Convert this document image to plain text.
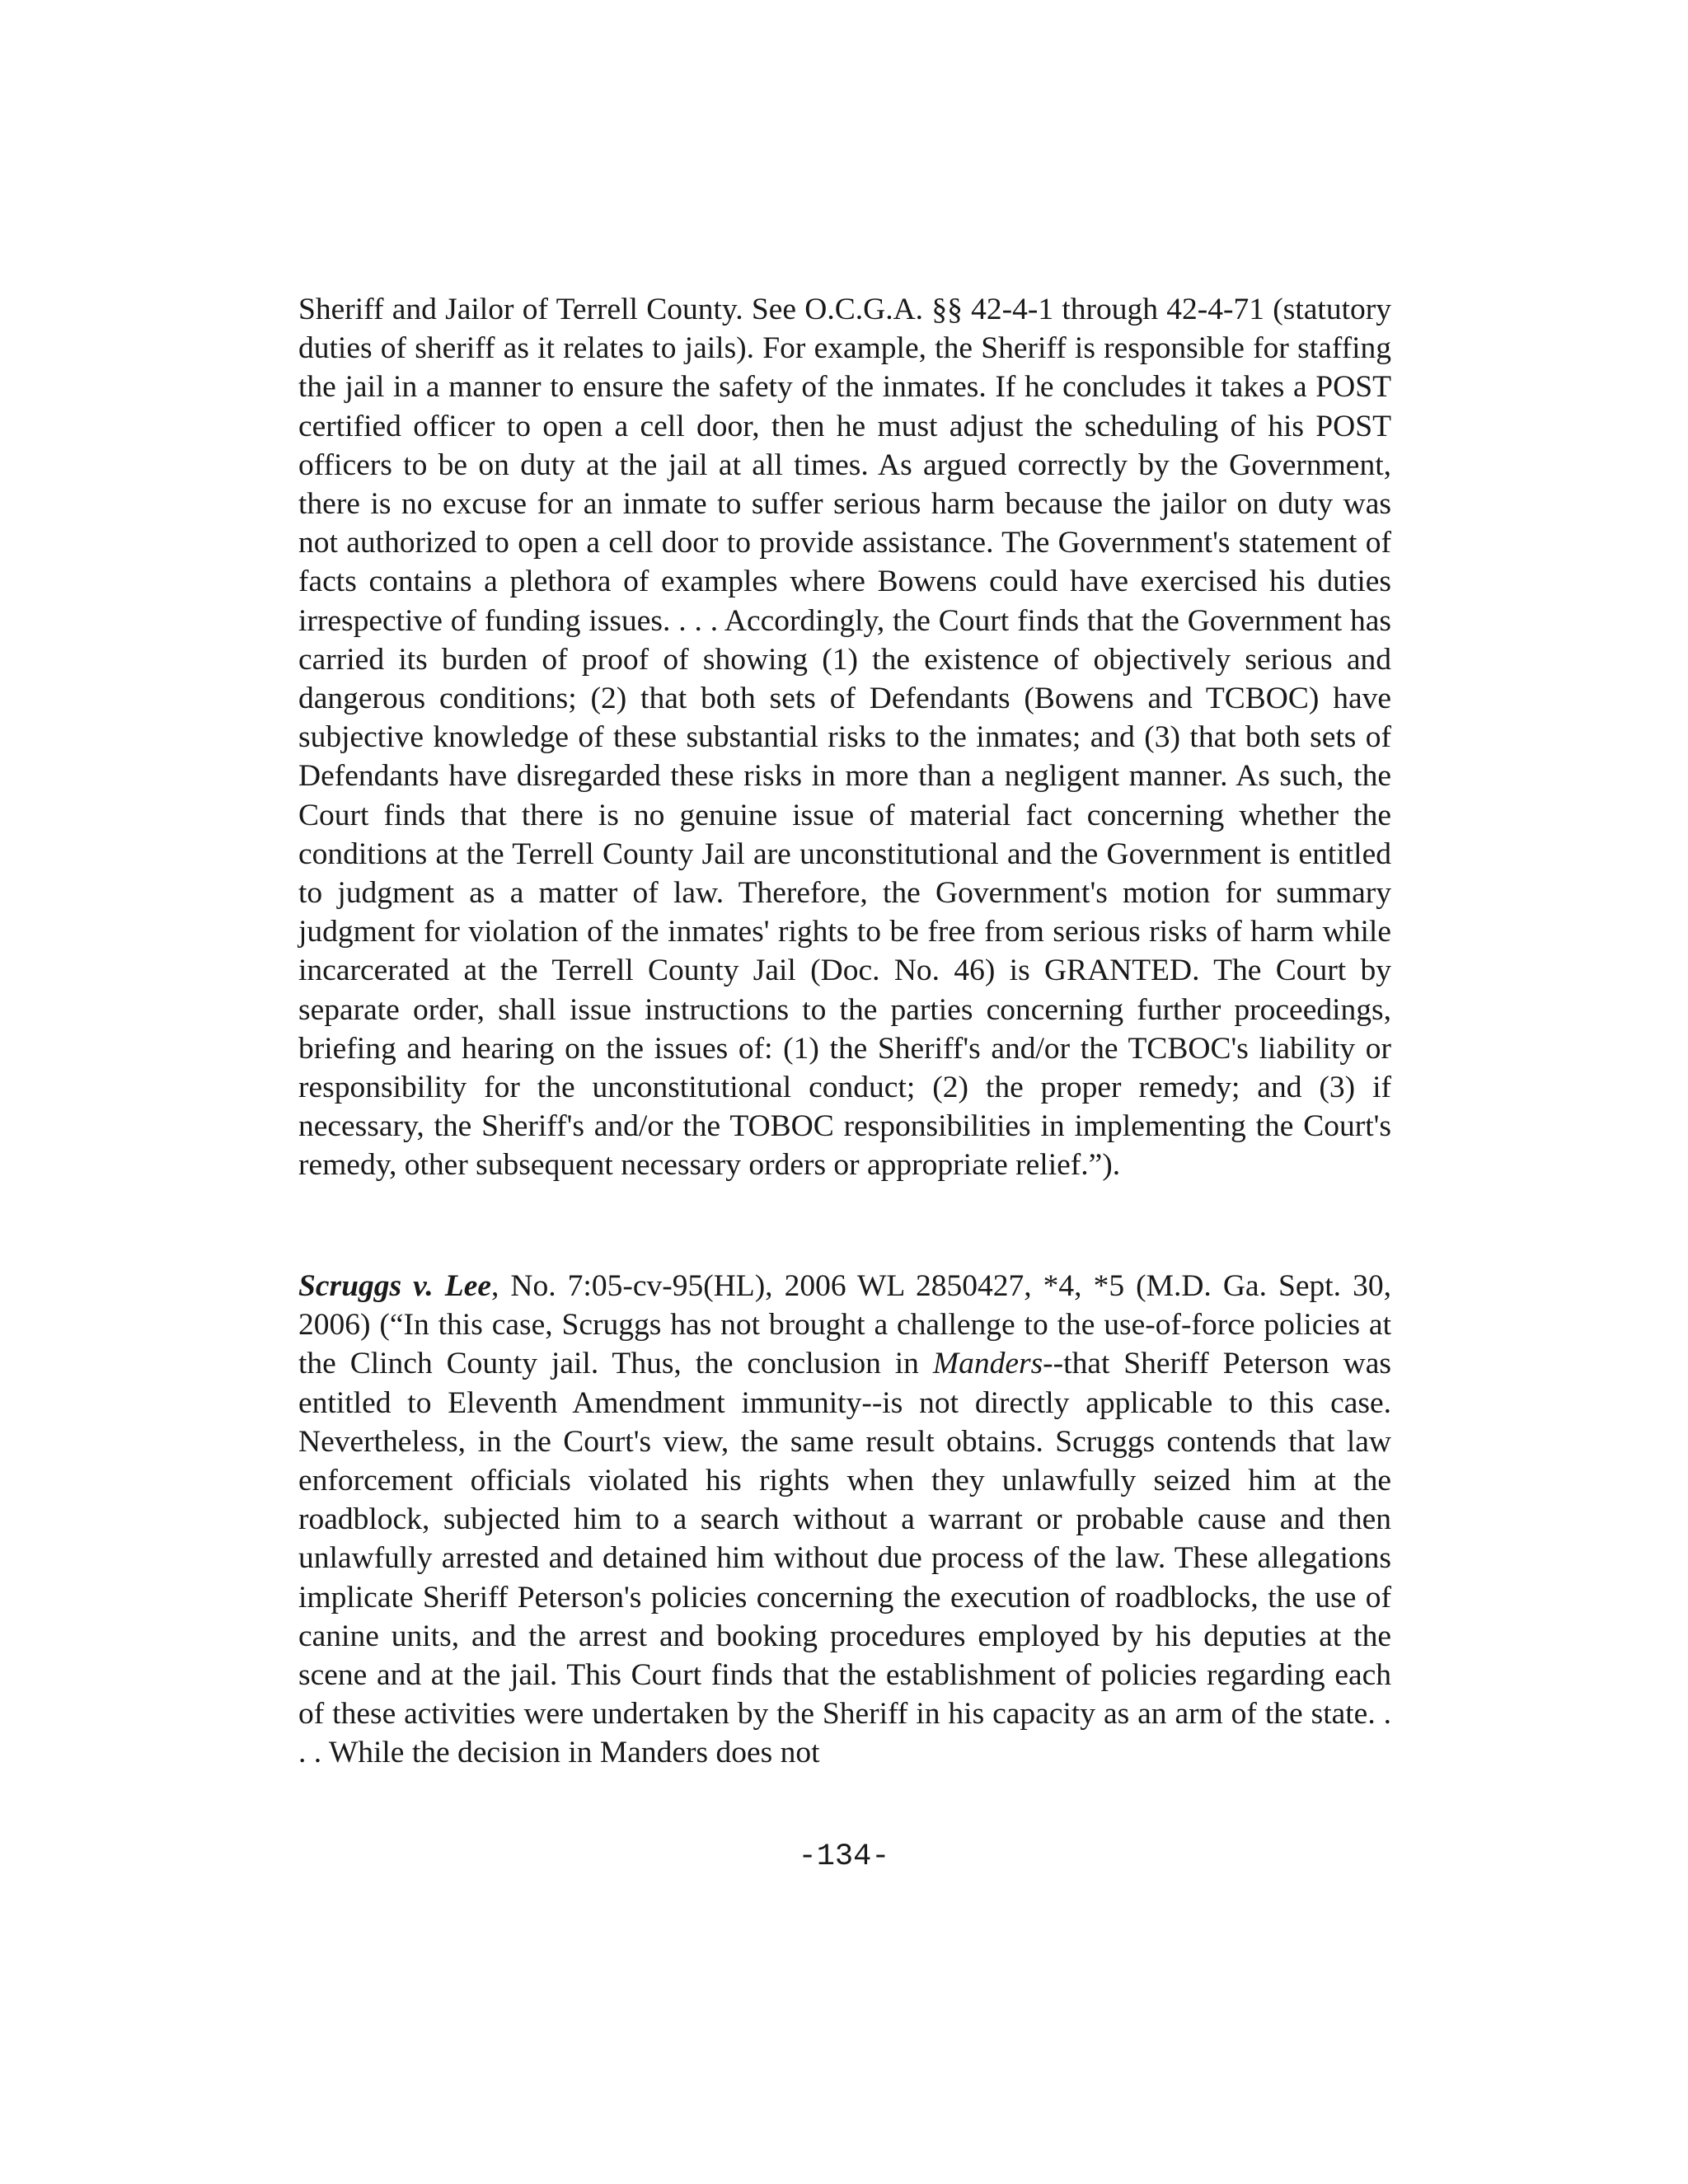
Sheriff and Jailor of Terrell County. See O.C.G.A. §§ 42-4-1 through 42-4-71 (statutory duties of sheriff as it relates to jails). For example, the Sheriff is responsible for staffing the jail in a manner to ensure the safety of the inmates. If he concludes it takes a POST certified officer to open a cell door, then he must adjust the scheduling of his POST officers to be on duty at the jail at all times. As argued correctly by the Government, there is no excuse for an inmate to suffer serious harm because the jailor on duty was not authorized to open a cell door to provide assistance. The Government's statement of facts contains a plethora of examples where Bowens could have exercised his duties irrespective of funding issues. . . . Accordingly, the Court finds that the Government has carried its burden of proof of showing (1) the existence of objectively serious and dangerous conditions; (2) that both sets of Defendants (Bowens and TCBOC) have subjective knowledge of these substantial risks to the inmates; and (3) that both sets of Defendants have disregarded these risks in more than a negligent manner. As such, the Court finds that there is no genuine issue of material fact concerning whether the conditions at the Terrell County Jail are unconstitutional and the Government is entitled to judgment as a matter of law. Therefore, the Government's motion for summary judgment for violation of the inmates' rights to be free from serious risks of harm while incarcerated at the Terrell County Jail (Doc. No. 46) is GRANTED. The Court by separate order, shall issue instructions to the parties concerning further proceedings, briefing and hearing on the issues of: (1) the Sheriff's and/or the TCBOC's liability or responsibility for the unconstitutional conduct; (2) the proper remedy; and (3) if necessary, the Sheriff's and/or the TOBOC responsibilities in implementing the Court's remedy, other subsequent necessary orders or appropriate relief.”).

Scruggs v. Lee, No. 7:05-cv-95(HL), 2006 WL 2850427, *4, *5 (M.D. Ga. Sept. 30, 2006) (“In this case, Scruggs has not brought a challenge to the use-of-force policies at the Clinch County jail. Thus, the conclusion in Manders--that Sheriff Peterson was entitled to Eleventh Amendment immunity--is not directly applicable to this case. Nevertheless, in the Court's view, the same result obtains. Scruggs contends that law enforcement officials violated his rights when they unlawfully seized him at the roadblock, subjected him to a search without a warrant or probable cause and then unlawfully arrested and detained him without due process of the law. These allegations implicate Sheriff Peterson's policies concerning the execution of roadblocks, the use of canine units, and the arrest and booking procedures employed by his deputies at the scene and at the jail. This Court finds that the establishment of policies regarding each of these activities were undertaken by the Sheriff in his capacity as an arm of the state. . . . While the decision in Manders does not

-134-
